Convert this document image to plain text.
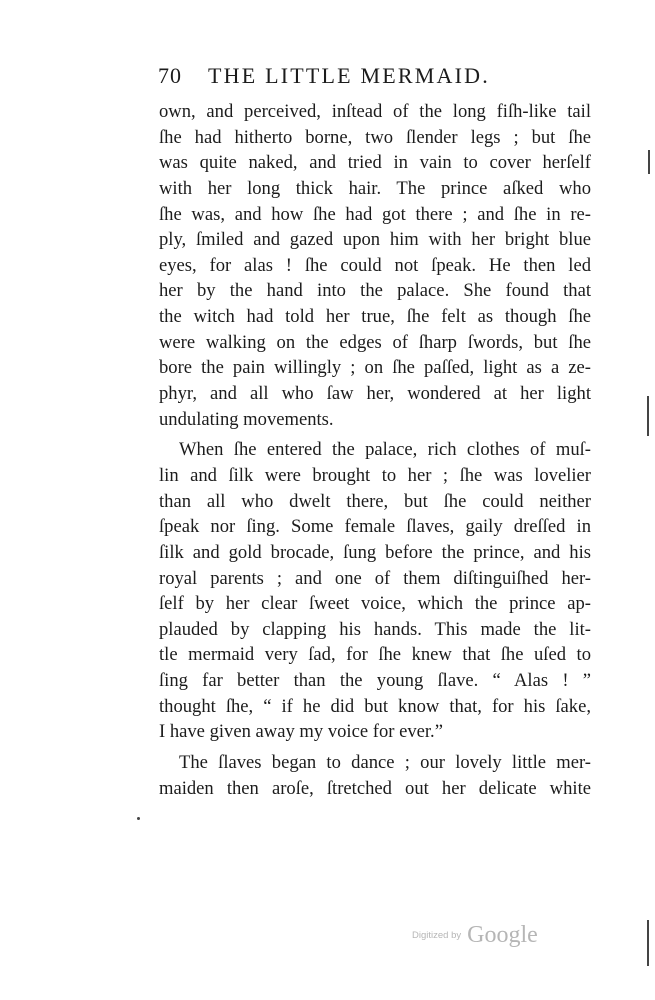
70 THE LITTLE MERMAID.
own, and perceived, inſtead of the long fiſh-like tail
ſhe had hitherto borne, two ſlender legs ; but ſhe
was quite naked, and tried in vain to cover herſelf
with her long thick hair. The prince aſked who
ſhe was, and how ſhe had got there ; and ſhe in re-
ply, ſmiled and gazed upon him with her bright blue
eyes, for alas ! ſhe could not ſpeak. He then led
her by the hand into the palace. She found that
the witch had told her true, ſhe felt as though ſhe
were walking on the edges of ſharp ſwords, but ſhe
bore the pain willingly ; on ſhe paſſed, light as a ze-
phyr, and all who ſaw her, wondered at her light
undulating movements.
When ſhe entered the palace, rich clothes of muſ-
lin and ſilk were brought to her ; ſhe was lovelier
than all who dwelt there, but ſhe could neither
ſpeak nor ſing. Some female ſlaves, gaily dreſſed in
ſilk and gold brocade, ſung before the prince, and his
royal parents ; and one of them diſtinguiſhed her-
ſelf by her clear ſweet voice, which the prince ap-
plauded by clapping his hands. This made the lit-
tle mermaid very ſad, for ſhe knew that ſhe uſed to
ſing far better than the young ſlave. “ Alas ! ”
thought ſhe, “ if he did but know that, for his ſake,
I have given away my voice for ever.”
The ſlaves began to dance ; our lovely little mer-
maiden then aroſe, ſtretched out her delicate white
Digitized by Google
